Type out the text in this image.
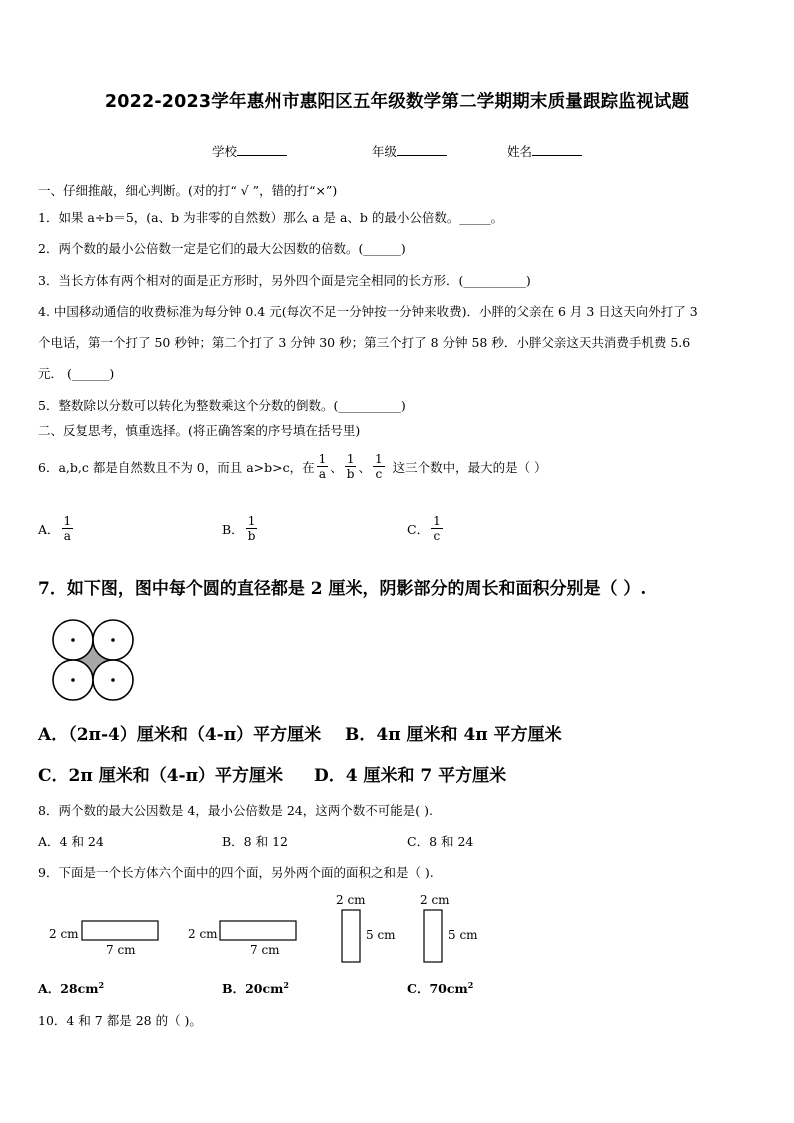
2022-2023学年惠州市惠阳区五年级数学第二学期期末质量跟踪监视试题
学校	年级	姓名
一、仔细推敲，细心判断。(对的打“ √ ”，错的打“×”)
1．如果 a÷b＝5，(a、b 为非零的自然数）那么 a 是 a、b 的最小公倍数。_____。
2．两个数的最小公倍数一定是它们的最大公因数的倍数。(______)
3．当长方体有两个相对的面是正方形时，另外四个面是完全相同的长方形．(__________)
4. 中国移动通信的收费标准为每分钟 0.4 元(每次不足一分钟按一分钟来收费)．小胖的父亲在 6 月 3 日这天向外打了 3
个电话，第一个打了 50 秒钟；第二个打了 3 分钟 30 秒；第三个打了 8 分钟 58 秒．小胖父亲这天共消费手机费 5.6
元． (______)
5．整数除以分数可以转化为整数乘这个分数的倒数。(__________)
二、反复思考，慎重选择。(将正确答案的序号填在括号里)
6．a,b,c 都是自然数且不为 0，而且 a>b>c，在 $\frac{1}{a}$ 、 $\frac{1}{b}$ 、 $\frac{1}{c}$ 这三个数中，最大的是（ ）
A． $\frac{1}{a}$	B． $\frac{1}{b}$	C． $\frac{1}{c}$
7．如下图，图中每个圆的直径都是 2 厘米，阴影部分的周长和面积分别是（ ）.
A．（2π-4）厘米和（4-π）平方厘米 B．4π 厘米和 4π 平方厘米
C．2π 厘米和（4-π）平方厘米 D．4 厘米和 7 平方厘米
8．两个数的最大公因数是 4，最小公倍数是 24，这两个数不可能是( ).
A．4 和 24	B．8 和 12	C．8 和 24
9．下面是一个长方体六个面中的四个面，另外两个面的面积之和是（ ).
2 cm
7 cm
2 cm
7 cm
2 cm
5 cm
2 cm
5 cm
A．$28cm^2$	B．$20cm^2$	C．$70cm^2$
10．4 和 7 都是 28 的（ )。
